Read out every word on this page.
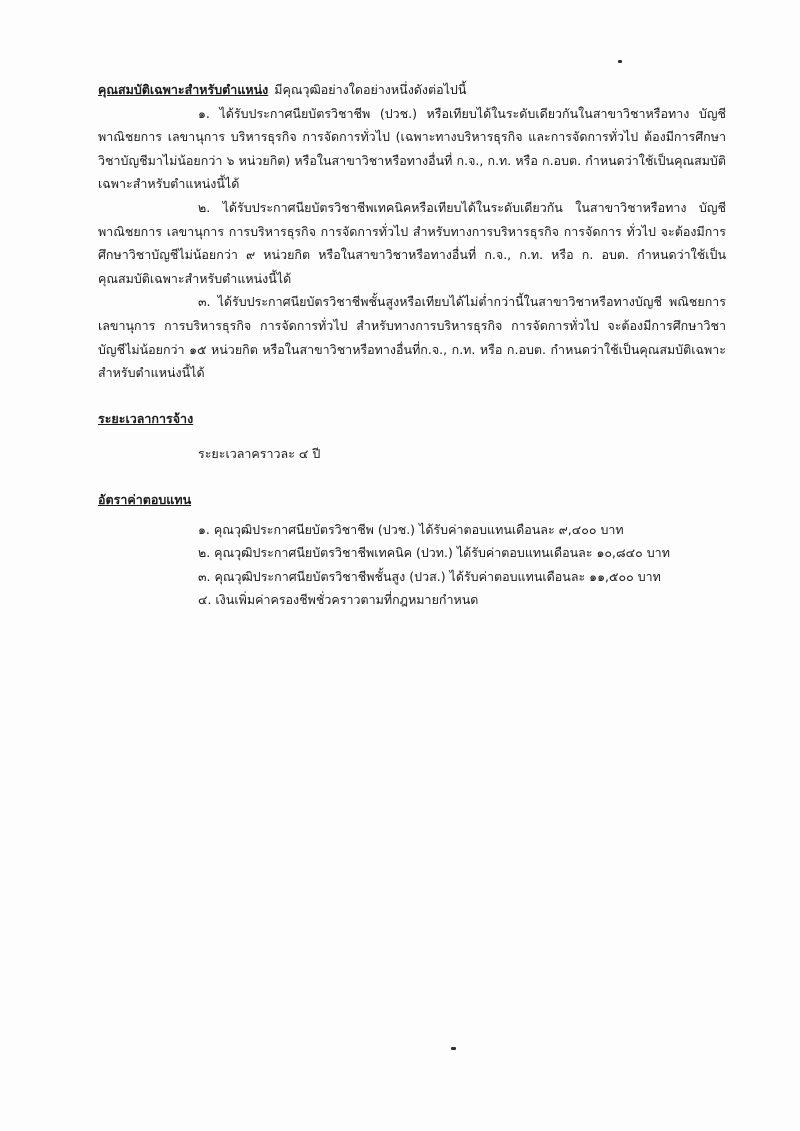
คุณสมบัติเฉพาะสำหรับตำแหน่ง มีคุณวุฒิอย่างใดอย่างหนึ่งดังต่อไปนี้

๑. ได้รับประกาศนียบัตรวิชาชีพ (ปวช.) หรือเทียบได้ในระดับเดียวกันในสาขาวิชาหรือทาง บัญชี พาณิชยการ เลขานุการ บริหารธุรกิจ การจัดการทั่วไป (เฉพาะทางบริหารธุรกิจ และการจัดการทั่วไป ต้องมีการศึกษาวิชาบัญชีมาไม่น้อยกว่า ๖ หน่วยกิต) หรือในสาขาวิชาหรือทางอื่นที่ ก.จ., ก.ท. หรือ ก.อบต. กำหนดว่าใช้เป็นคุณสมบัติเฉพาะสำหรับตำแหน่งนี้ได้

๒. ได้รับประกาศนียบัตรวิชาชีพเทคนิคหรือเทียบได้ในระดับเดียวกัน ในสาขาวิชาหรือทาง บัญชี พาณิชยการ เลขานุการ การบริหารธุรกิจ การจัดการทั่วไป สำหรับทางการบริหารธุรกิจ การจัดการ ทั่วไป จะต้องมีการศึกษาวิชาบัญชีไม่น้อยกว่า ๙ หน่วยกิต หรือในสาขาวิชาหรือทางอื่นที่ ก.จ., ก.ท. หรือ ก. อบต. กำหนดว่าใช้เป็นคุณสมบัติเฉพาะสำหรับตำแหน่งนี้ได้

๓. ได้รับประกาศนียบัตรวิชาชีพชั้นสูงหรือเทียบได้ไม่ต่ำกว่านี้ในสาขาวิชาหรือทางบัญชี พณิชยการ เลขานุการ การบริหารธุรกิจ การจัดการทั่วไป สำหรับทางการบริหารธุรกิจ การจัดการทั่วไป จะต้องมีการศึกษาวิชาบัญชีไม่น้อยกว่า ๑๕ หน่วยกิต หรือในสาขาวิชาหรือทางอื่นที่ก.จ., ก.ท. หรือ ก.อบต. กำหนดว่าใช้เป็นคุณสมบัติเฉพาะสำหรับตำแหน่งนี้ได้

ระยะเวลาการจ้าง
ระยะเวลาคราวละ ๔ ปี
อัตราค่าตอบแทน
๑. คุณวุฒิประกาศนียบัตรวิชาชีพ (ปวช.) ได้รับค่าตอบแทนเดือนละ ๙,๔๐๐ บาท
๒. คุณวุฒิประกาศนียบัตรวิชาชีพเทคนิค (ปวท.) ได้รับค่าตอบแทนเดือนละ ๑๐,๘๔๐ บาท
๓. คุณวุฒิประกาศนียบัตรวิชาชีพชั้นสูง (ปวส.) ได้รับค่าตอบแทนเดือนละ ๑๑,๕๐๐ บาท
๔. เงินเพิ่มค่าครองชีพชั่วคราวตามที่กฎหมายกำหนด
